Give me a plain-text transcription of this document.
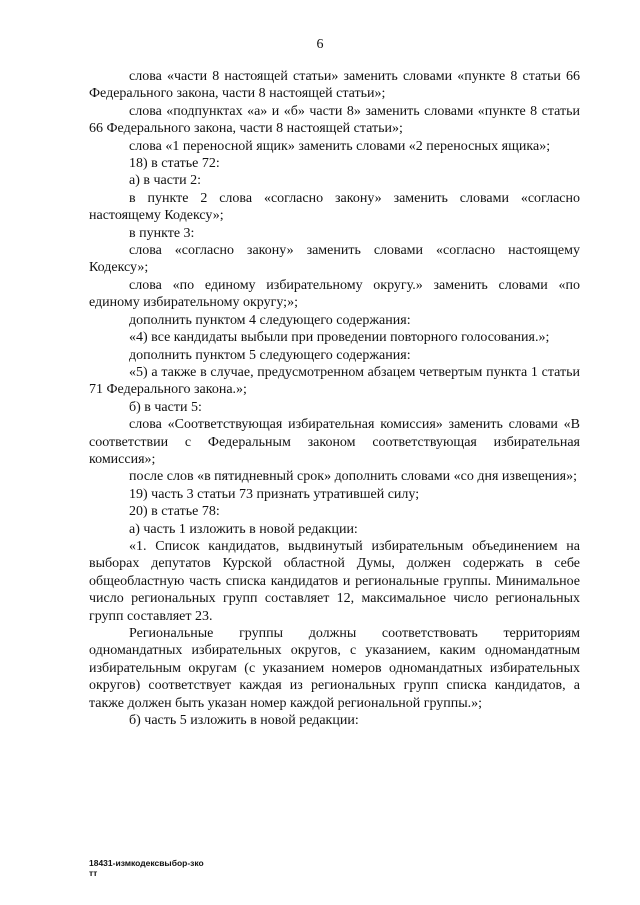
6

слова «части 8 настоящей статьи» заменить словами «пункте 8 статьи 66 Федерального закона, части 8 настоящей статьи»;

слова «подпунктах «а» и «б» части 8» заменить словами «пункте 8 статьи 66 Федерального закона, части 8 настоящей статьи»;

слова «1 переносной ящик» заменить словами «2 переносных ящика»;

18) в статье 72:

а) в части 2:

в пункте 2 слова «согласно закону» заменить словами «согласно настоящему Кодексу»;

в пункте 3:

слова «согласно закону» заменить словами «согласно настоящему Кодексу»;

слова «по единому избирательному округу.» заменить словами «по единому избирательному округу;»;

дополнить пунктом 4 следующего содержания:

«4) все кандидаты выбыли при проведении повторного голосования.»;

дополнить пунктом 5 следующего содержания:

«5) а также в случае, предусмотренном абзацем четвертым пункта 1 статьи 71 Федерального закона.»;

б) в части 5:

слова «Соответствующая избирательная комиссия» заменить словами «В соответствии с Федеральным законом соответствующая избирательная комиссия»;

после слов «в пятидневный срок» дополнить словами «со дня извещения»;

19) часть 3 статьи 73 признать утратившей силу;

20) в статье 78:

а) часть 1 изложить в новой редакции:

«1. Список кандидатов, выдвинутый избирательным объединением на выборах депутатов Курской областной Думы, должен содержать в себе общеобластную часть списка кандидатов и региональные группы. Минимальное число региональных групп составляет 12, максимальное число региональных групп составляет 23.

Региональные группы должны соответствовать территориям одномандатных избирательных округов, с указанием, каким одномандатным избирательным округам (с указанием номеров одномандатных избирательных округов) соответствует каждая из региональных групп списка кандидатов, а также должен быть указан номер каждой региональной группы.»;

б) часть 5 изложить в новой редакции:

18431-измкодексвыбор-зко
тт
